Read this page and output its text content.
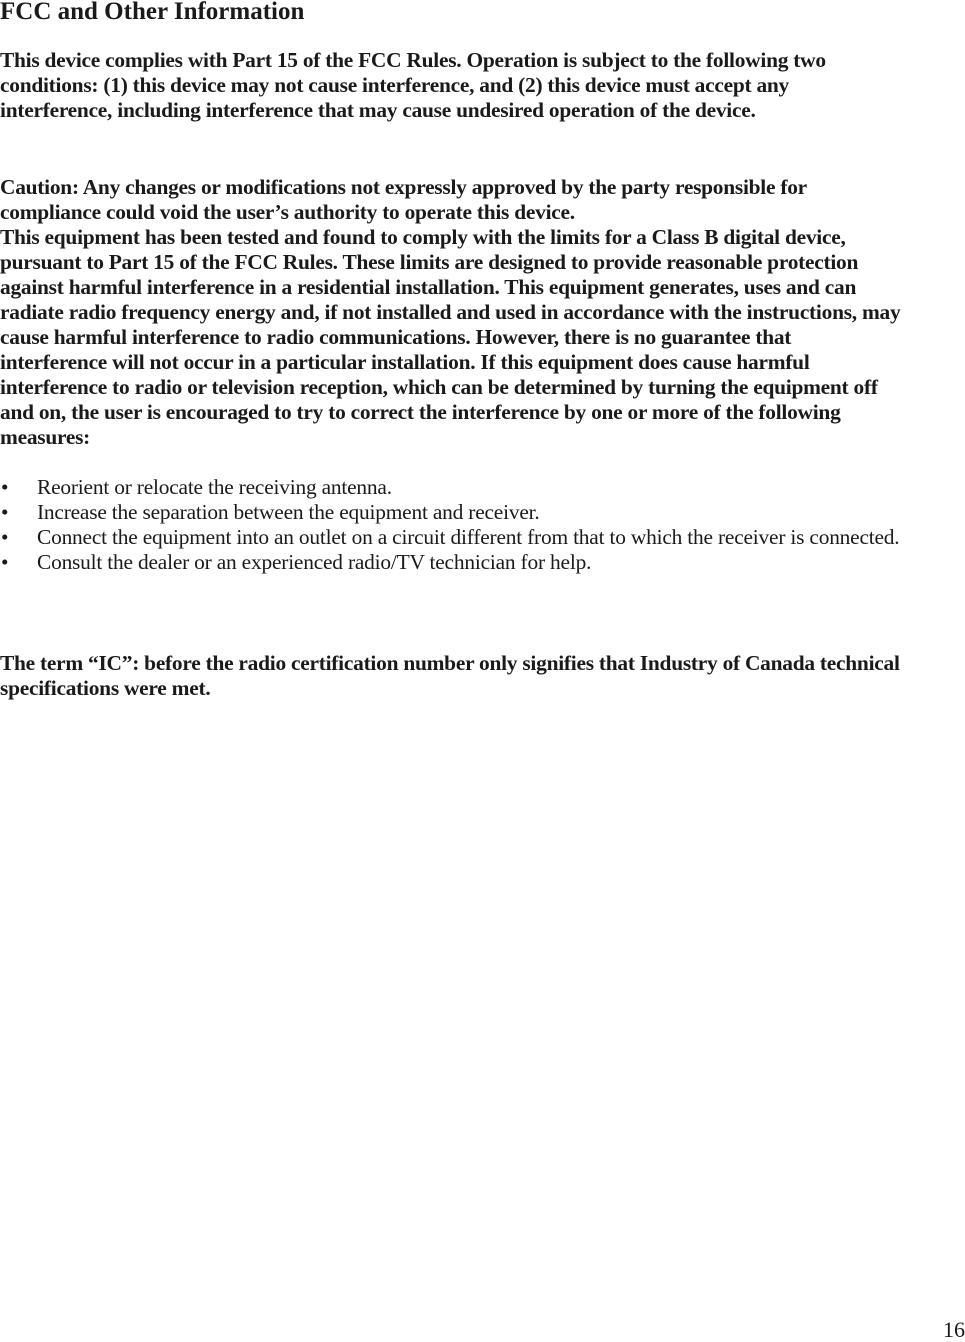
FCC and Other Information

This device complies with Part 15 of the FCC Rules. Operation is subject to the following two conditions: (1) this device may not cause interference, and (2) this device must accept any interference, including interference that may cause undesired operation of the device.

Caution: Any changes or modifications not expressly approved by the party responsible for compliance could void the user’s authority to operate this device.

This equipment has been tested and found to comply with the limits for a Class B digital device, pursuant to Part 15 of the FCC Rules. These limits are designed to provide reasonable protection against harmful interference in a residential installation. This equipment generates, uses and can radiate radio frequency energy and, if not installed and used in accordance with the instructions, may cause harmful interference to radio communications. However, there is no guarantee that interference will not occur in a particular installation. If this equipment does cause harmful interference to radio or television reception, which can be determined by turning the equipment off and on, the user is encouraged to try to correct the interference by one or more of the following measures:

• Reorient or relocate the receiving antenna.
• Increase the separation between the equipment and receiver.
• Connect the equipment into an outlet on a circuit different from that to which the receiver is connected.
• Consult the dealer or an experienced radio/TV technician for help.

The term “IC”: before the radio certification number only signifies that Industry of Canada technical specifications were met.

16
